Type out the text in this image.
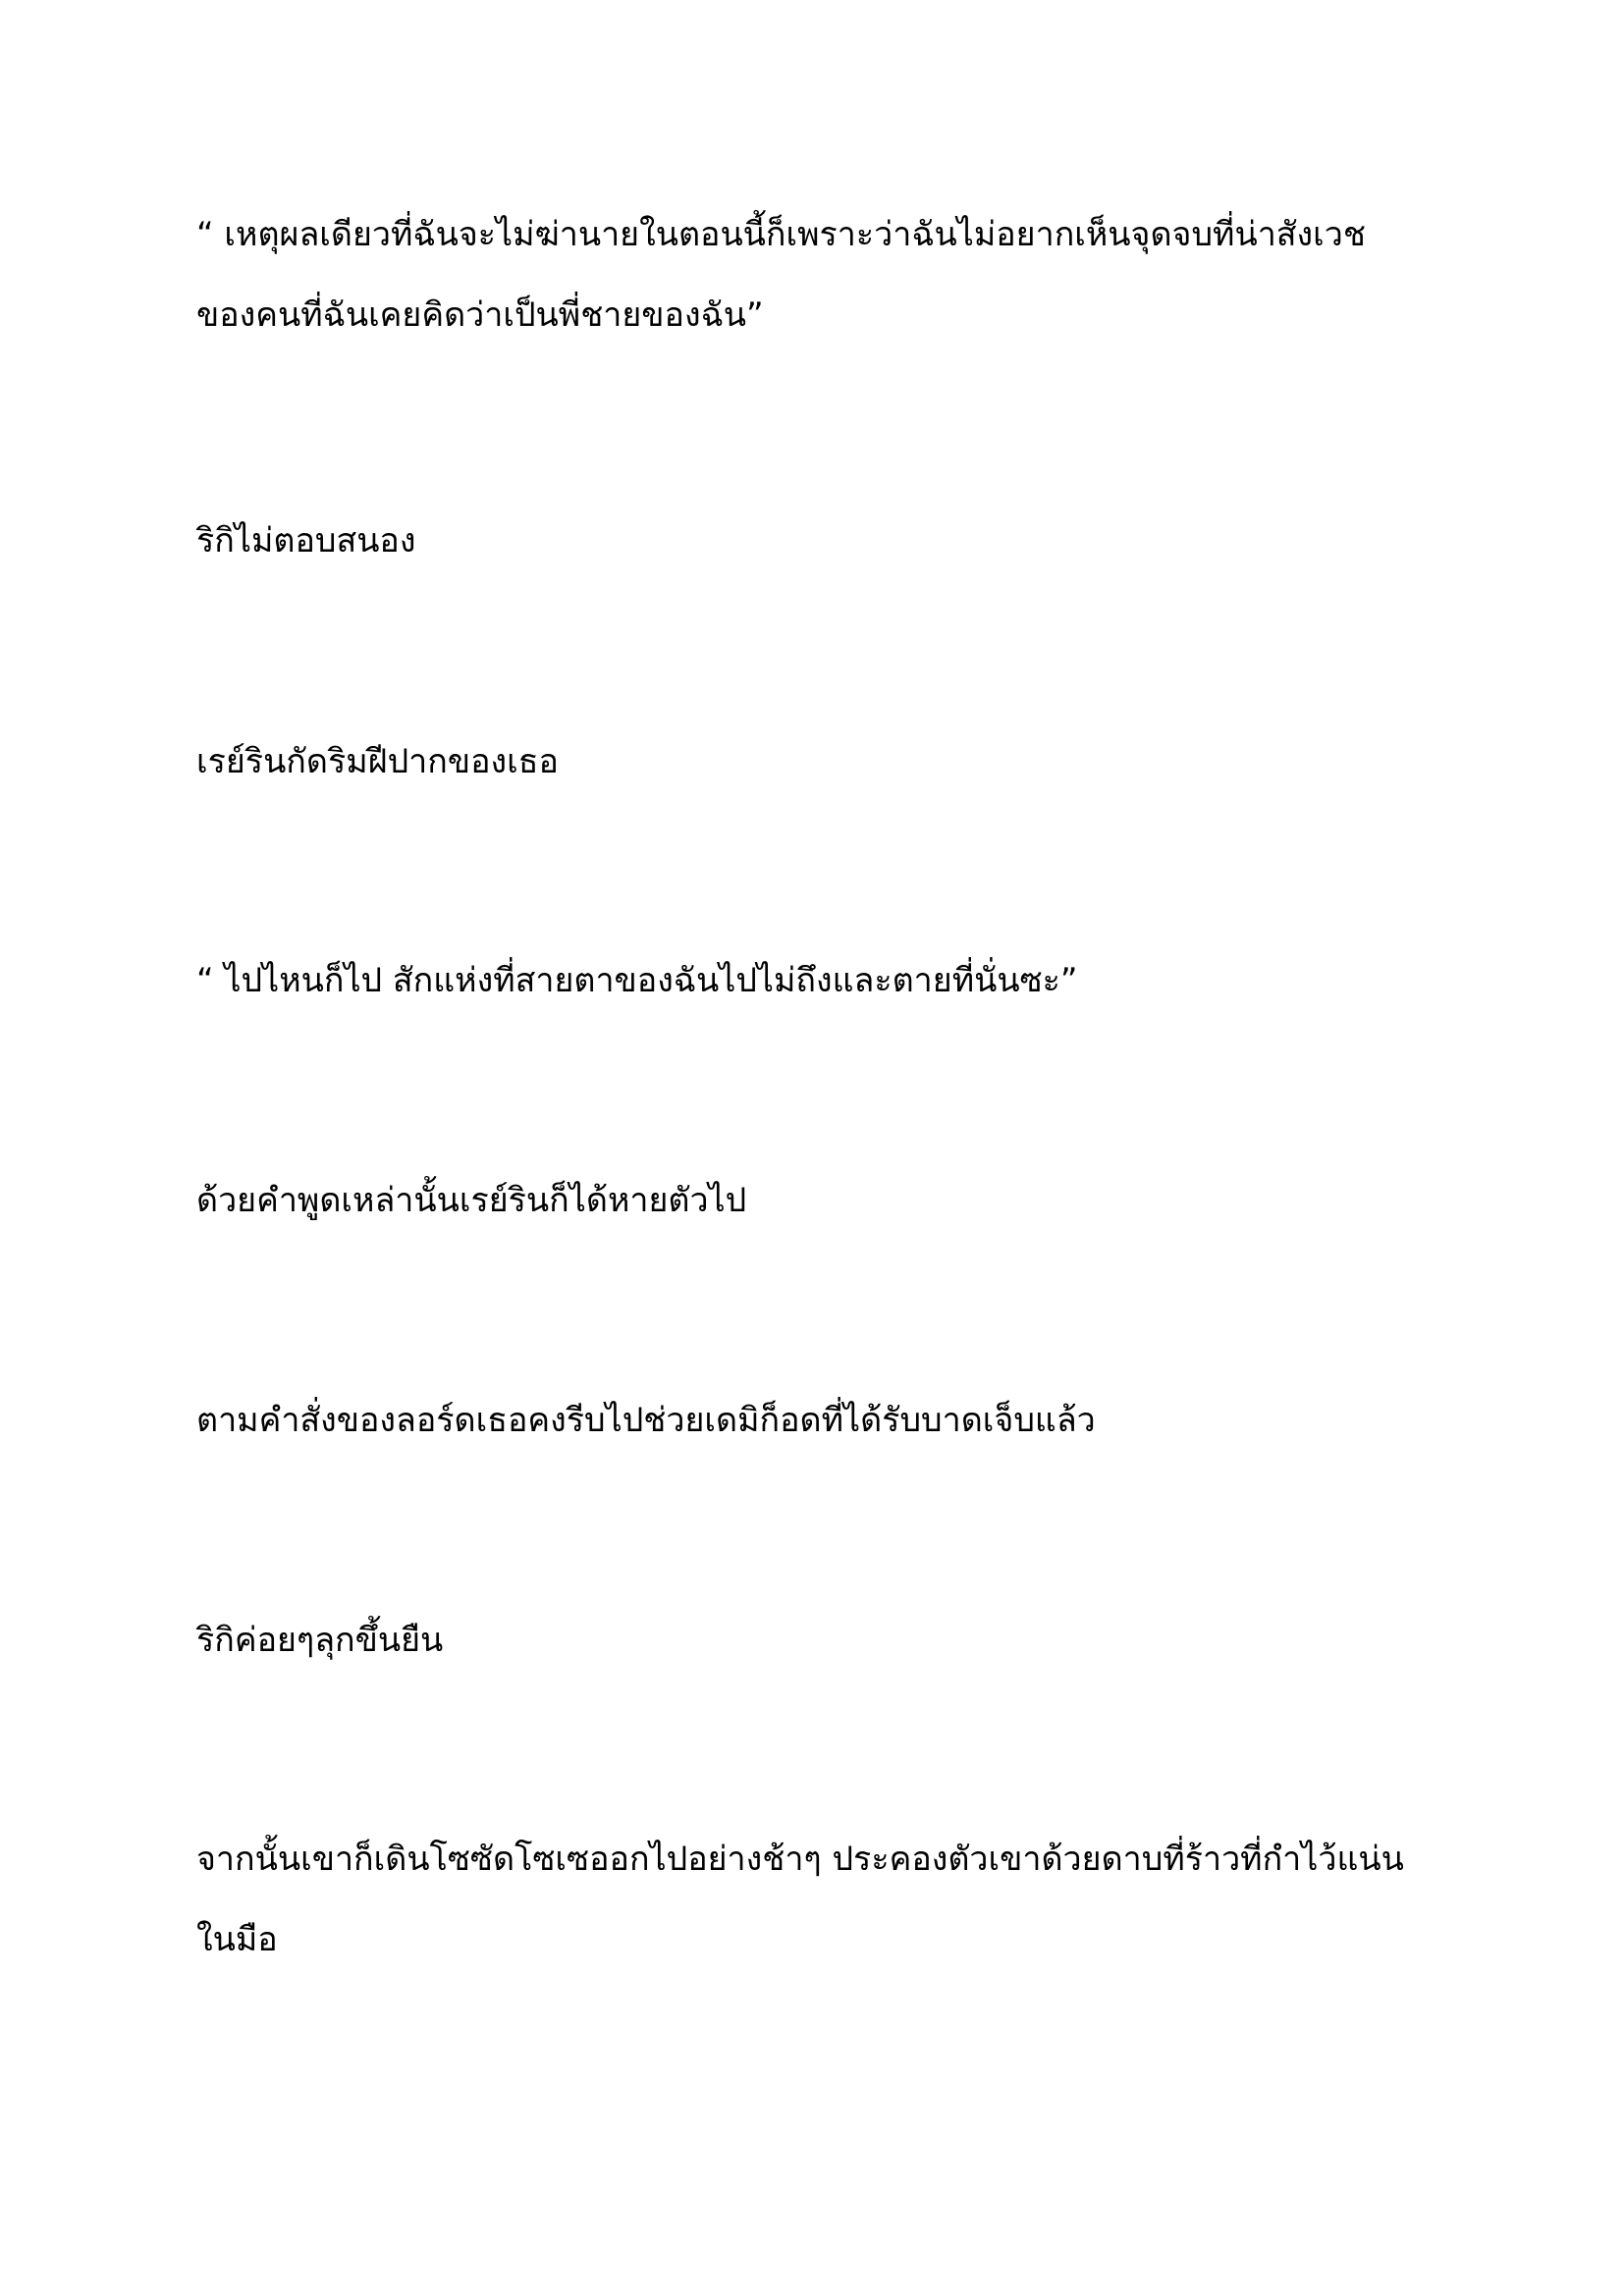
“ เหตุผลเดียวที่ฉันจะไม่ฆ่านายในตอนนี้ก็เพราะว่าฉันไม่อยากเห็นจุดจบที่น่าสังเวช
ของคนที่ฉันเคยคิดว่าเป็นพี่ชายของฉัน”

ริกิไม่ตอบสนอง

เรย์รินกัดริมฝีปากของเธอ

“ ไปไหนก็ไป สักแห่งที่สายตาของฉันไปไม่ถึงและตายที่นั่นซะ”

ด้วยคำพูดเหล่านั้นเรย์รินก็ได้หายตัวไป

ตามคำสั่งของลอร์ดเธอคงรีบไปช่วยเดมิก็อดที่ได้รับบาดเจ็บแล้ว

ริกิค่อยๆลุกขึ้นยืน

จากนั้นเขาก็เดินโซซัดโซเซออกไปอย่างช้าๆ ประคองตัวเขาด้วยดาบที่ร้าวที่กำไว้แน่น
ในมือ
